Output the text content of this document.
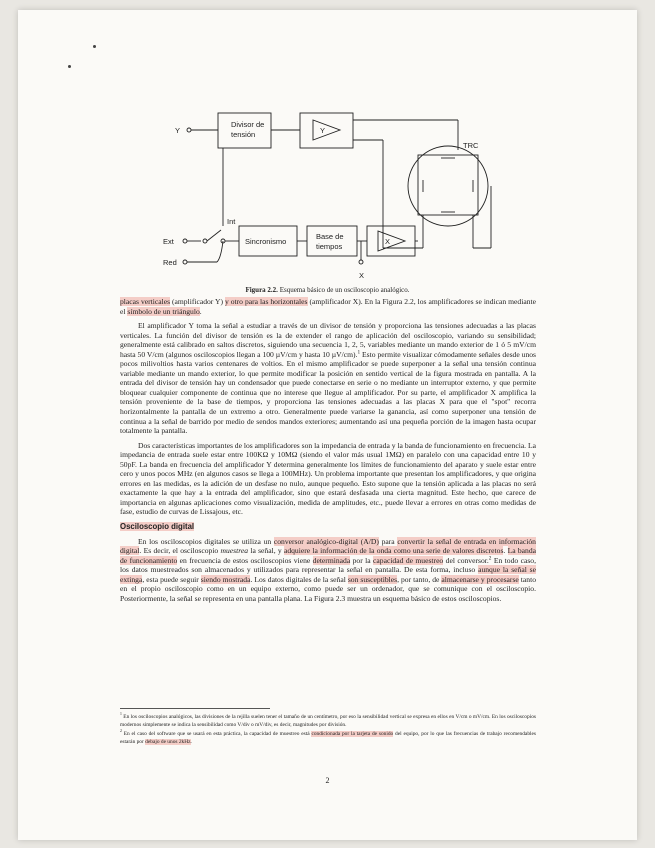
Y
Divisor de
tensión	Y
TRC
Int
Ext
Red
Sincronismo
Base de
tiempos
X
X
Figura 2.2. Esquema básico de un osciloscopio analógico.

placas verticales (amplificador Y) y otro para las horizontales (amplificador X). En la Figura 2.2, los amplificadores se indican mediante el símbolo de un triángulo.

El amplificador Y toma la señal a estudiar a través de un divisor de tensión y proporciona las tensiones adecuadas a las placas verticales. La función del divisor de tensión es la de extender el rango de aplicación del osciloscopio, variando su sensibilidad; generalmente está calibrado en saltos discretos, siguiendo una secuencia 1, 2, 5, variables mediante un mando exterior de 1 ó 5 mV/cm hasta 50 V/cm (algunos osciloscopios llegan a 100 µV/cm y hasta 10 µV/cm).$^1$ Esto permite visualizar cómodamente señales desde unos pocos milivoltios hasta varios centenares de voltios. En el mismo amplificador se puede superponer a la señal una tensión continua variable mediante un mando exterior, lo que permite modificar la posición en sentido vertical de la figura mostrada en pantalla. A la entrada del divisor de tensión hay un condensador que puede conectarse en serie o no mediante un interruptor externo, y que permite bloquear cualquier componente de continua que no interese que llegue al amplificador. Por su parte, el amplificador X amplifica la tensión proveniente de la base de tiempos, y proporciona las tensiones adecuadas a las placas X para que el "spot" recorra horizontalmente la pantalla de un extremo a otro. Generalmente puede variarse la ganancia, así como superponer una tensión de continua a la señal de barrido por medio de sendos mandos exteriores; aumentando así una pequeña porción de la imagen hasta ocupar totalmente la pantalla.

Dos características importantes de los amplificadores son la impedancia de entrada y la banda de funcionamiento en frecuencia. La impedancia de entrada suele estar entre 100KΩ y 10MΩ (siendo el valor más usual 1MΩ) en paralelo con una capacidad entre 10 y 50pF. La banda en frecuencia del amplificador Y determina generalmente los límites de funcionamiento del aparato y suele estar entre cero y unos pocos MHz (en algunos casos se llega a 100MHz). Un problema importante que presentan los amplificadores, y que origina errores en las medidas, es la adición de un desfase no nulo, aunque pequeño. Esto supone que la tensión aplicada a las placas no será exactamente la que hay a la entrada del amplificador, sino que estará desfasada una cierta magnitud. Este hecho, que carece de importancia en algunas aplicaciones como visualización, medida de amplitudes, etc., puede llevar a errores en otras como medidas de fase, estudio de curvas de Lissajous, etc.

Osciloscopio digital

En los osciloscopios digitales se utiliza un conversor analógico-digital (A/D) para convertir la señal de entrada en información digital. Es decir, el osciloscopio muestrea la señal, y adquiere la información de la onda como una serie de valores discretos. La banda de funcionamiento en frecuencia de estos osciloscopios viene determinada por la capacidad de muestreo del conversor.$^2$ En todo caso, los datos muestreados son almacenados y utilizados para representar la señal en pantalla. De esta forma, incluso aunque la señal se extinga, esta puede seguir siendo mostrada. Los datos digitales de la señal son susceptibles, por tanto, de almacenarse y procesarse tanto en el propio osciloscopio como en un equipo externo, como puede ser un ordenador, que se comunique con el osciloscopio. Posteriormente, la señal se representa en una pantalla plana. La Figura 2.3 muestra un esquema básico de estos osciloscopios.

$^1$ En los osciloscopios analógicos, las divisiones de la rejilla suelen tener el tamaño de un centímetro, por eso la sensibilidad vertical se expresa en ellos en V/cm o mV/cm. En los osciloscopios modernos simplemente se indica la sensibilidad como V/div o mV/div, es decir, magnitudes por división.

$^2$ En el caso del software que se usará en esta práctica, la capacidad de muestreo está condicionada por la tarjeta de sonido del equipo, por lo que las frecuencias de trabajo recomendables estarán por debajo de unos 2kHz.

2
